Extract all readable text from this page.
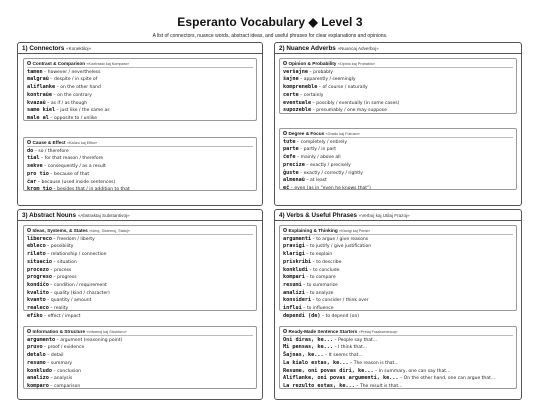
Esperanto Vocabulary ◆ Level 3
A list of connectors, nuance words, abstract ideas, and useful phrases for clear explanations and opinions.
1) Connectors «Konektiloj»
Contrast & Comparison «Kontrasto kaj Komparo»
tamen – however / nevertheless
malgraŭ – despite / in spite of
aliflanke – on the other hand
kontraŭe – on the contrary
kvazaŭ – as if / as though
same kiel – just like / the same as
male al – opposite to / unlike
Cause & Effect «Kaŭzo kaj Efiko»
do – so / therefore
tial – for that reason / therefore
sekve – consequently / as a result
pro tio – because of that
ĉar – because (used inside sentences)
krom tio – besides that / in addition to that
2) Nuance Adverbs «Nuancaj Adverboj»
Opinion & Probability «Opinio kaj Probablo»
verŝajne – probably
ŝajne – apparently / seemingly
kompreneble – of course / naturally
certe – certainly
eventuale – possibly / eventually (in some cases)
supozeble – presumably / one may suppose
Degree & Focus «Grado kaj Fokuso»
tute – completely / entirely
parte – partly / in part
ĉefe – mainly / above all
precize – exactly / precisely
ĝuste – exactly / correctly / rightly
almenaŭ – at least
eĉ – even (as in "even he knows that")
3) Abstract Nouns «Abstraktaj Substantivoj»
Ideas, Systems, & States «Ideoj, Sistemoj, Statoj»
libereco – freedom / liberty
ebleco – possibility
rilato – relationship / connection
situacio – situation
procezo – process
progreso – progress
kondiĉo – condition / requirement
kvalito – quality (kind / character)
kvanto – quantity / amount
realeco – reality
efiko – effect / impact
Information & Structure «Informoj kaj Strukturo»
argumento – argument (reasoning point)
pruvo – proof / evidence
detalo – detail
resumo – summary
konkludo – conclusion
analizo – analysis
komparo – comparison
4) Verbs & Useful Phrases «Verboj kaj Utilaj Frazoj»
Explaining & Thinking «Klarigi kaj Pensi»
argumenti – to argue / give reasons
pravigi – to justify / give justification
klarigi – to explain
priskribi – to describe
konkludi – to conclude
kompari – to compare
resumi – to summarize
analizi – to analyze
konsideri – to consider / think over
influi – to influence
dependi (de) – to depend (on)
Ready-Made Sentence Starters «Pretaj Frazkomencoj»
Oni diras, ke... – People say that...
Mi pensas, ke... – I think that...
Ŝajnas, ke... – It seems that...
La kialo estas, ke... – The reason is that...
Resume, oni povas diri, ke... – In summary, one can say that...
Aliflanke, oni povas argumenti, ke... – On the other hand, one can argue that...
La rezulto estas, ke... – The result is that...
